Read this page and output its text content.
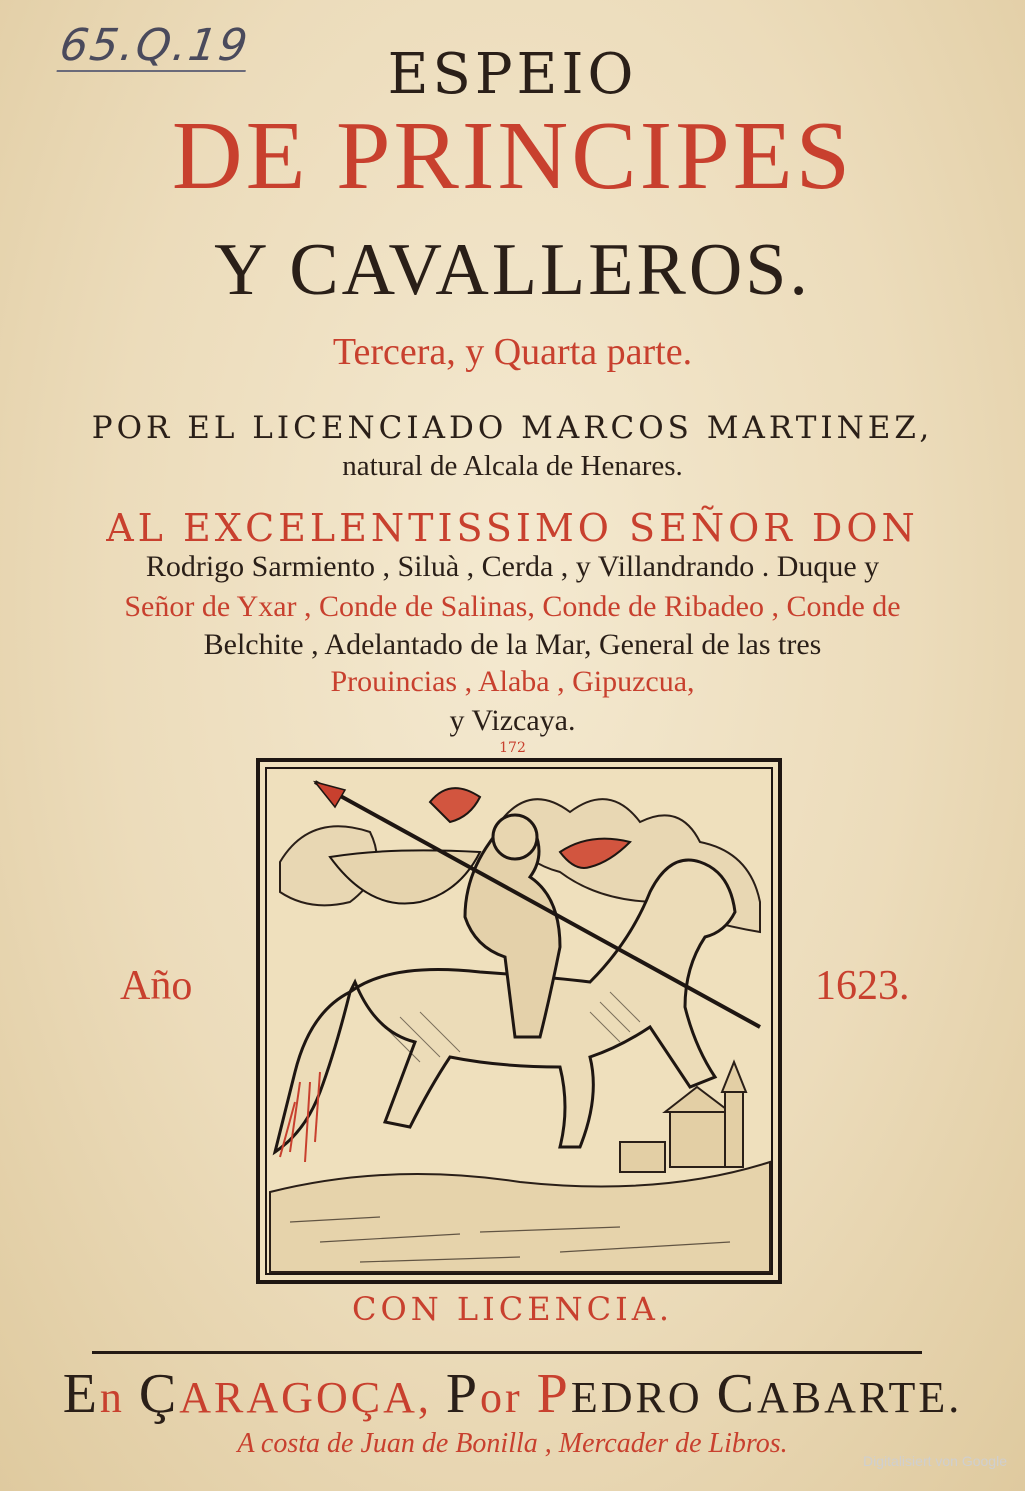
65.Q.19	ESPEIO
DE PRINCIPES
Y CAVALLEROS.
Tercera, y Quarta parte.
POR EL LICENCIADO MARCOS MARTINEZ,
natural de Alcala de Henares.
AL EXCELENTISSIMO SEÑOR DON
Rodrigo Sarmiento , Siluà , Cerda , y Villandrando . Duque y
Señor de Yxar , Conde de Salinas, Conde de Ribadeo , Conde de
Belchite , Adelantado de la Mar, General de las tres
Prouincias , Alaba , Gipuzcua,
y Vizcaya.
172
Año	1623.
CON LICENCIA.
En ÇARAGOÇA, Por PEDRO CABARTE.
A costa de Juan de Bonilla , Mercader de Libros.
Digitalisiert von Google
